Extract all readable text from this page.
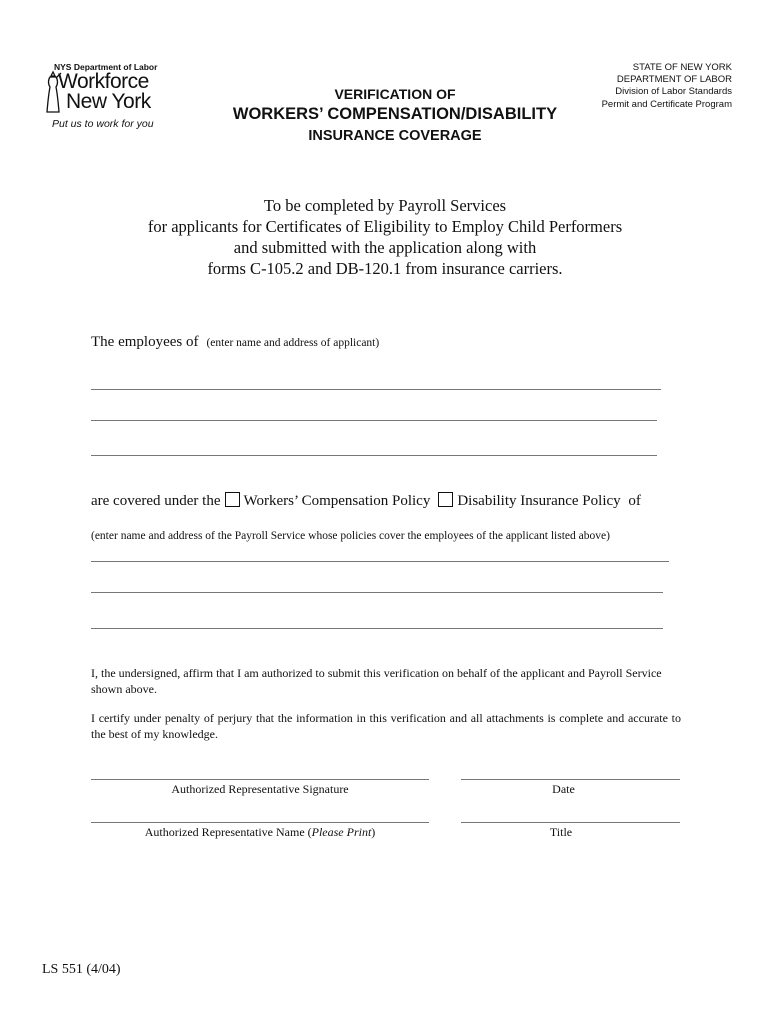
NYS Department of Labor
Workforce
New York
Put us to work for you
STATE OF NEW YORK
DEPARTMENT OF LABOR
Division of Labor Standards
Permit and Certificate Program
VERIFICATION OF
WORKERS’ COMPENSATION/DISABILITY
INSURANCE COVERAGE
To be completed by Payroll Services
for applicants for Certificates of Eligibility to Employ Child Performers
and submitted with the application along with
forms C-105.2 and DB-120.1 from insurance carriers.
The employees of (enter name and address of applicant)
are covered under the Workers’ Compensation Policy Disability Insurance Policy of
(enter name and address of the Payroll Service whose policies cover the employees of the applicant listed above)
I, the undersigned, affirm that I am authorized to submit this verification on behalf of the applicant and Payroll Service shown above.
I certify under penalty of perjury that the information in this verification and all attachments is complete and accurate to the best of my knowledge.
Authorized Representative Signature	Date
Authorized Representative Name (Please Print)	Title
LS 551 (4/04)
